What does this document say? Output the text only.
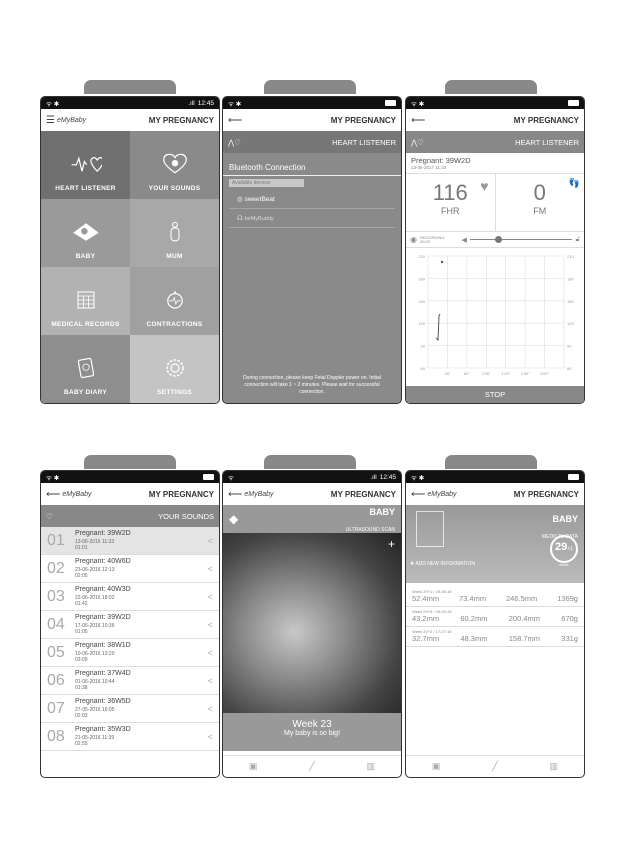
ᯤ ✱	.ıll 12:45
☰ eMyBaby	MY PREGNANCY
HEART LISTENER	YOUR SOUNDS
BABY	MUM
MEDICAL RECORDS	CONTRACTIONS
BABY DIARY	SETTINGS
ᯤ ✱
⟵	MY PREGNANCY
⋀♡	HEART LISTENER
Bluetooth Connection
Available devices
◎ sweetBeat
☊ beMyBuddy
During connection, please keep Fetal Doppler power on. Initial connection will take 1 ~ 2 minutes. Please wait for successful connection.
ᯤ ✱
⟵	MY PREGNANCY
⋀♡	HEART LISTENER
Pregnant: 39W2D
13-06-2017 11:33
116
FHR
♥	0
FM
👣
◉ RECORDING
00:20	◀	🔓︎
210	210
180	180
150	150
120	120
90	90
60	60
30"	60"	1'00"	1'30"	1'60"	2'00"
STOP
ᯤ ✱
⟵ eMyBaby	MY PREGNANCY
♡	YOUR SOUNDS
01	Pregnant: 39W2D
13-06-2016 11:33
01:01
<
02	Pregnant: 40W6D
23-06-2016 12:13
02:05
<
03	Pregnant: 40W3D
22-06-2016 18:02
01:42
<
04	Pregnant: 39W2D
17-06-2016 10:36
01:05
<
05	Pregnant: 38W1D
10-06-2016 13:20
03:00
<
06	Pregnant: 37W4D
01-06-2016 10:44
01:38
<
07	Pregnant: 36W5D
27-05-2016 16:05
02:03
<
08	Pregnant: 35W3D
21-05-2016 11:39
02:55
<
ᯤ	.ıll 12:45
⟵ eMyBaby	MY PREGNANCY
◆	BABY
ULTRASOUND SCAN
+
Week 23
My baby is so big!
▣	╱	▥
ᯤ ✱
⟵ eMyBaby	MY PREGNANCY
BABY
MEDICAL DATA
29+1
week
✚ ADD NEW INFORMATION
Week 29+1 / 28-08-16
52.4mm	73.4mm	246.5mm	1369g
Week 24+5 / 26-09-16
43.2mm	60.2mm	200.4mm	670g
Week 20+2 / 17-07-16
32.7mm	48.3mm	158.7mm	331g
▣	╱	▥
